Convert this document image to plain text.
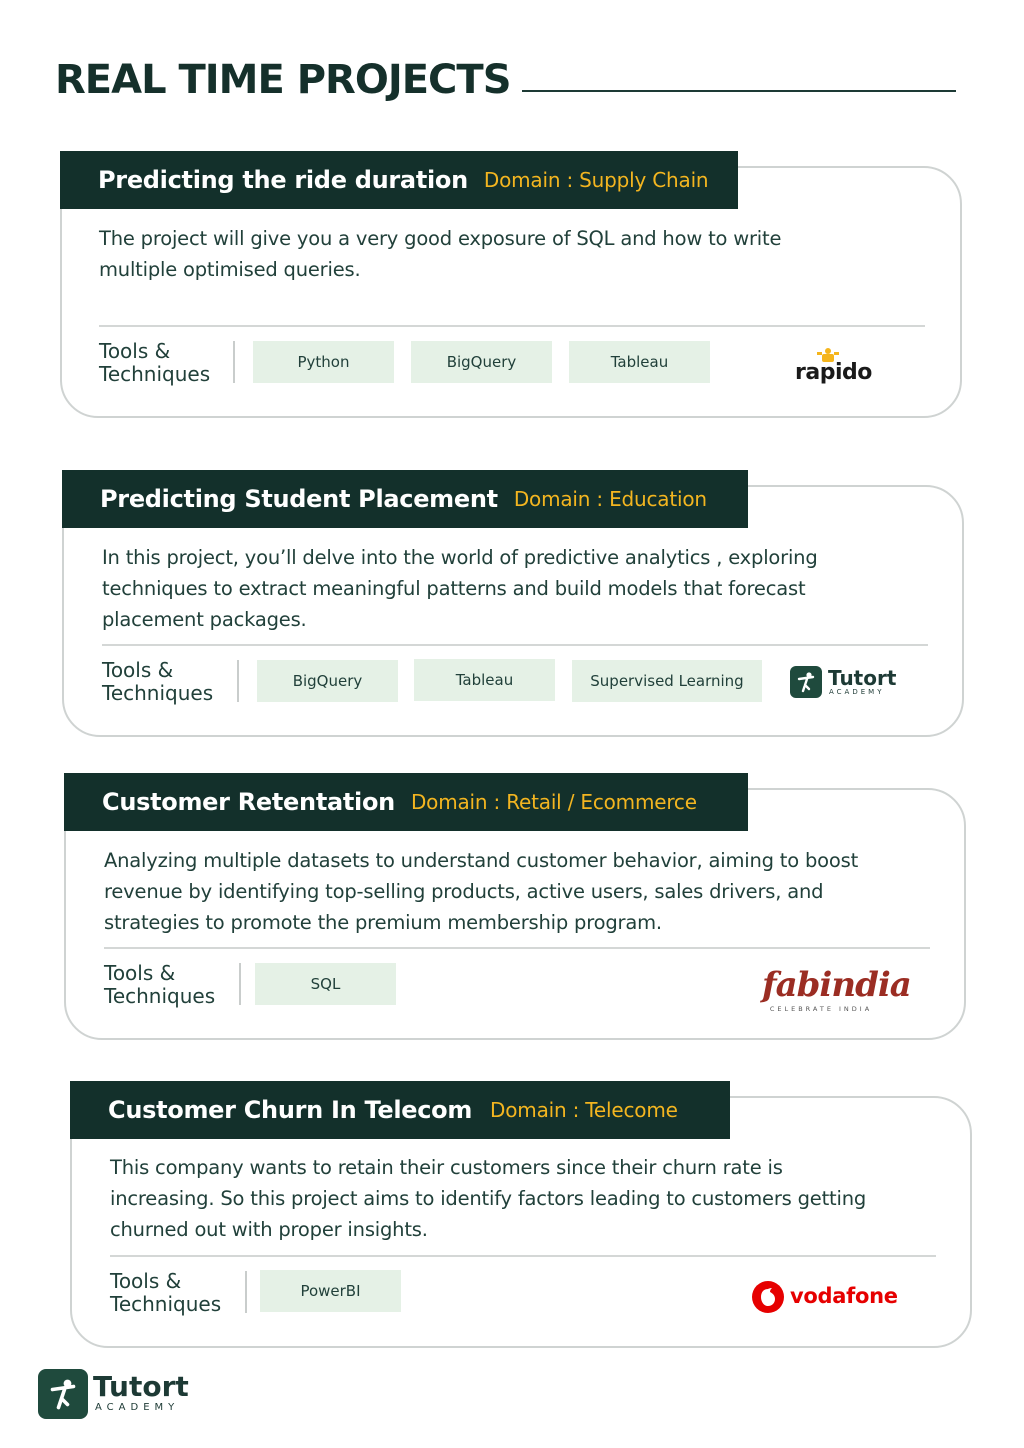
REAL TIME PROJECTS
Predicting the ride duration Domain : Supply Chain

The project will give you a very good exposure of SQL and how to write multiple optimised queries.

Tools & Techniques	Python	BigQuery	Tableau	rapido
Predicting Student Placement Domain : Education

In this project, you’ll delve into the world of predictive analytics , exploring techniques to extract meaningful patterns and build models that forecast placement packages.

Tools & Techniques	BigQuery	Tableau	Supervised Learning	Tutort
ACADEMY
Customer Retentation Domain : Retail / Ecommerce

Analyzing multiple datasets to understand customer behavior, aiming to boost revenue by identifying top-selling products, active users, sales drivers, and strategies to promote the premium membership program.

Tools & Techniques	SQL	fabindia
CELEBRATE INDIA
Customer Churn In Telecom Domain : Telecome

This company wants to retain their customers since their churn rate is increasing. So this project aims to identify factors leading to customers getting churned out with proper insights.

Tools & Techniques
PowerBI	vodafone
Tutort
ACADEMY
